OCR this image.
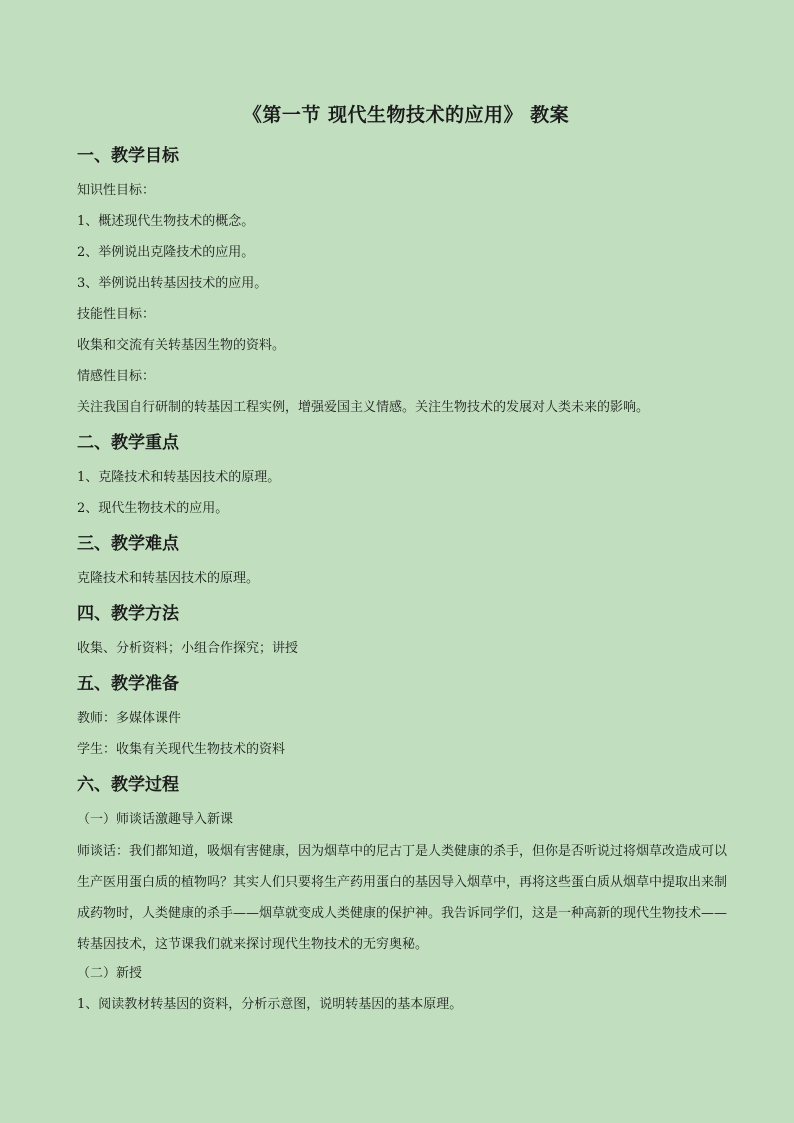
《第一节 现代生物技术的应用》 教案
一、教学目标

知识性目标：

1、概述现代生物技术的概念。

2、举例说出克隆技术的应用。

3、举例说出转基因技术的应用。

技能性目标：

收集和交流有关转基因生物的资料。

情感性目标：

关注我国自行研制的转基因工程实例，增强爱国主义情感。关注生物技术的发展对人类未来的影响。

二、教学重点

1、克隆技术和转基因技术的原理。

2、现代生物技术的应用。

三、教学难点

克隆技术和转基因技术的原理。

四、教学方法

收集、分析资料；小组合作探究；讲授

五、教学准备

教师：多媒体课件

学生：收集有关现代生物技术的资料

六、教学过程

（一）师谈话激趣导入新课

师谈话：我们都知道，吸烟有害健康，因为烟草中的尼古丁是人类健康的杀手，但你是否听说过将烟草改造成可以生产医用蛋白质的植物吗？其实人们只要将生产药用蛋白的基因导入烟草中，再将这些蛋白质从烟草中提取出来制成药物时，人类健康的杀手——烟草就变成人类健康的保护神。我告诉同学们，这是一种高新的现代生物技术——转基因技术，这节课我们就来探讨现代生物技术的无穷奥秘。

（二）新授

1、阅读教材转基因的资料，分析示意图，说明转基因的基本原理。
